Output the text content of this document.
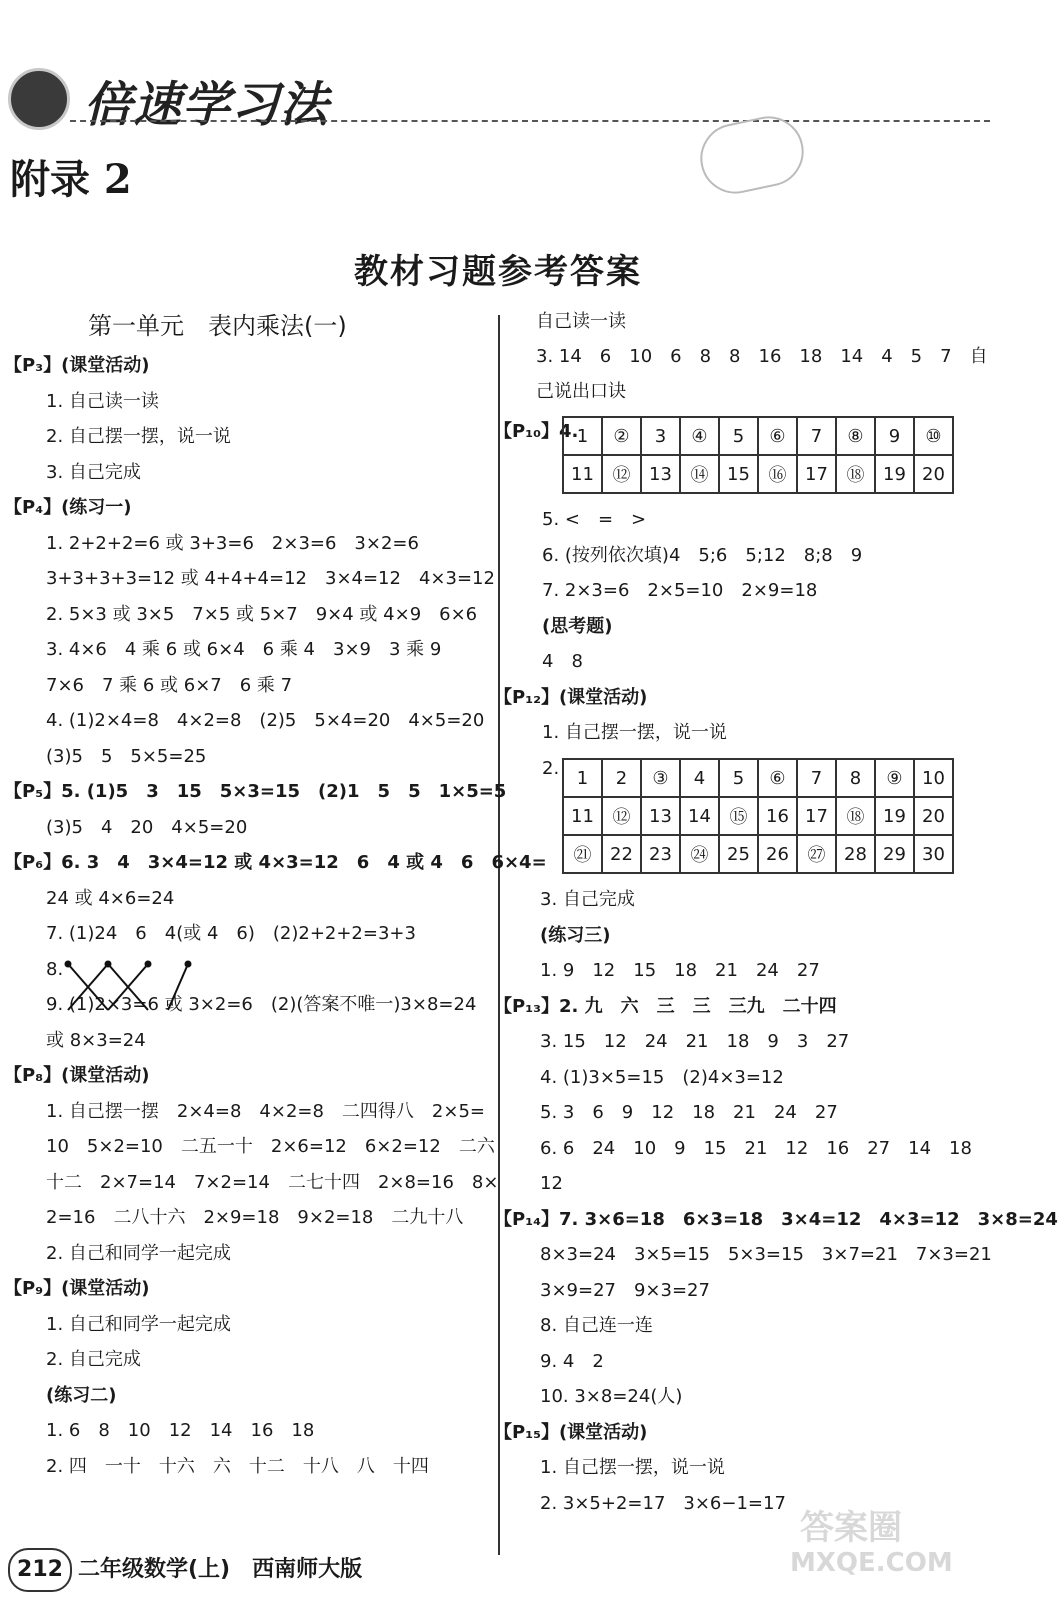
倍速学习法
附录 2
教材习题参考答案
第一单元　表内乘法(一)
【P₃】(课堂活动)
1. 自己读一读
2. 自己摆一摆，说一说
3. 自己完成
【P₄】(练习一)
1. 2+2+2=6 或 3+3=6　2×3=6　3×2=6
3+3+3+3=12 或 4+4+4=12　3×4=12　4×3=12
2. 5×3 或 3×5　7×5 或 5×7　9×4 或 4×9　6×6
3. 4×6　4 乘 6 或 6×4　6 乘 4　3×9　3 乘 9
7×6　7 乘 6 或 6×7　6 乘 7
4. (1)2×4=8　4×2=8　(2)5　5×4=20　4×5=20
(3)5　5　5×5=25
【P₅】5. (1)5　3　15　5×3=15　(2)1　5　5　1×5=5
(3)5　4　20　4×5=20
【P₆】6. 3　4　3×4=12 或 4×3=12　6　4 或 4　6　6×4=
24 或 4×6=24
7. (1)24　6　4(或 4　6)　(2)2+2+2=3+3
8.
9. (1)2×3=6 或 3×2=6　(2)(答案不唯一)3×8=24
或 8×3=24
【P₈】(课堂活动)
1. 自己摆一摆　2×4=8　4×2=8　二四得八　2×5=
10　5×2=10　二五一十　2×6=12　6×2=12　二六
十二　2×7=14　7×2=14　二七十四　2×8=16　8×
2=16　二八十六　2×9=18　9×2=18　二九十八
2. 自己和同学一起完成
【P₉】(课堂活动)
1. 自己和同学一起完成
2. 自己完成
(练习二)
1. 6　8　10　12　14　16　18
2. 四　一十　十六　六　十二　十八　八　十四
自己读一读
3. 14　6　10　6　8　8　16　18　14　4　5　7　自
己说出口诀
【P₁₀】4.
1	②	3	④	5	⑥	7	⑧	9	⑩
11	⑫	13	⑭	15	⑯	17	⑱	19	20
5. <　=　>
6. (按列依次填)4　5;6　5;12　8;8　9
7. 2×3=6　2×5=10　2×9=18
(思考题)
4　8
【P₁₂】(课堂活动)
1. 自己摆一摆，说一说
2. 1	2	③	4	5	⑥	7	8	⑨	10
11	⑫	13	14	⑮	16	17	⑱	19	20
㉑	22	23	㉔	25	26	㉗	28	29	30
3. 自己完成
(练习三)
1. 9　12　15　18　21　24　27
【P₁₃】2. 九　六　三　三　三九　二十四
3. 15　12　24　21　18　9　3　27
4. (1)3×5=15　(2)4×3=12
5. 3　6　9　12　18　21　24　27
6. 6　24　10　9　15　21　12　16　27　14　18
12
【P₁₄】7. 3×6=18　6×3=18　3×4=12　4×3=12　3×8=24
8×3=24　3×5=15　5×3=15　3×7=21　7×3=21
3×9=27　9×3=27
8. 自己连一连
9. 4　2
10. 3×8=24(人)
【P₁₅】(课堂活动)
1. 自己摆一摆，说一说
2. 3×5+2=17　3×6−1=17
212 二年级数学(上)　西南师大版
答案圈
MXQE.COM
